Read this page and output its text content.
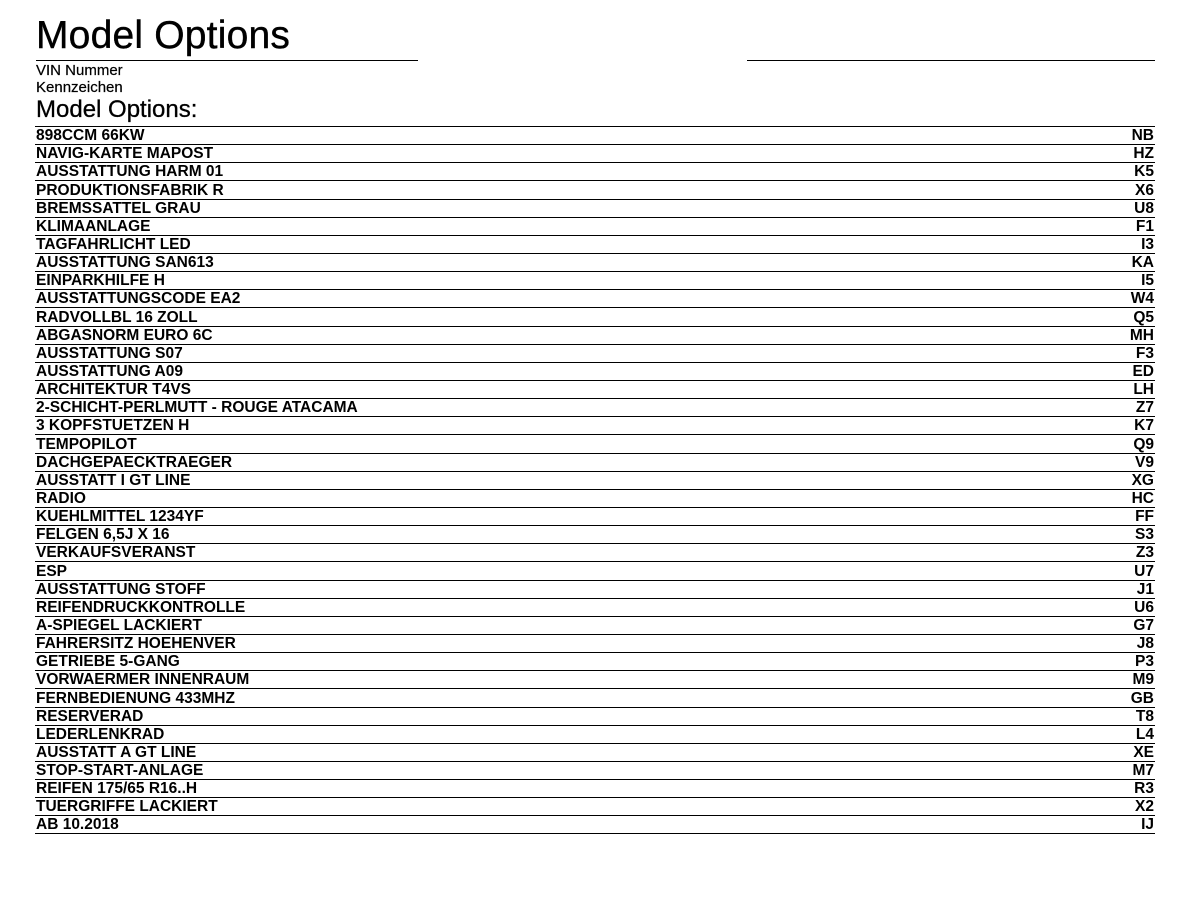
Model Options
VIN Nummer
Kennzeichen
Model Options:
898CCM 66KW	NB
NAVIG-KARTE MAPOST	HZ
AUSSTATTUNG HARM 01	K5
PRODUKTIONSFABRIK R	X6
BREMSSATTEL GRAU	U8
KLIMAANLAGE	F1
TAGFAHRLICHT LED	I3
AUSSTATTUNG SAN613	KA
EINPARKHILFE H	I5
AUSSTATTUNGSCODE EA2	W4
RADVOLLBL 16 ZOLL	Q5
ABGASNORM EURO 6C	MH
AUSSTATTUNG S07	F3
AUSSTATTUNG A09	ED
ARCHITEKTUR T4VS	LH
2-SCHICHT-PERLMUTT - ROUGE ATACAMA	Z7
3 KOPFSTUETZEN H	K7
TEMPOPILOT	Q9
DACHGEPAECKTRAEGER	V9
AUSSTATT I GT LINE	XG
RADIO	HC
KUEHLMITTEL 1234YF	FF
FELGEN 6,5J X 16	S3
VERKAUFSVERANST	Z3
ESP	U7
AUSSTATTUNG STOFF	J1
REIFENDRUCKKONTROLLE	U6
A-SPIEGEL LACKIERT	G7
FAHRERSITZ HOEHENVER	J8
GETRIEBE 5-GANG	P3
VORWAERMER INNENRAUM	M9
FERNBEDIENUNG 433MHZ	GB
RESERVERAD	T8
LEDERLENKRAD	L4
AUSSTATT A GT LINE	XE
STOP-START-ANLAGE	M7
REIFEN 175/65 R16..H	R3
TUERGRIFFE LACKIERT	X2
AB 10.2018	IJ
